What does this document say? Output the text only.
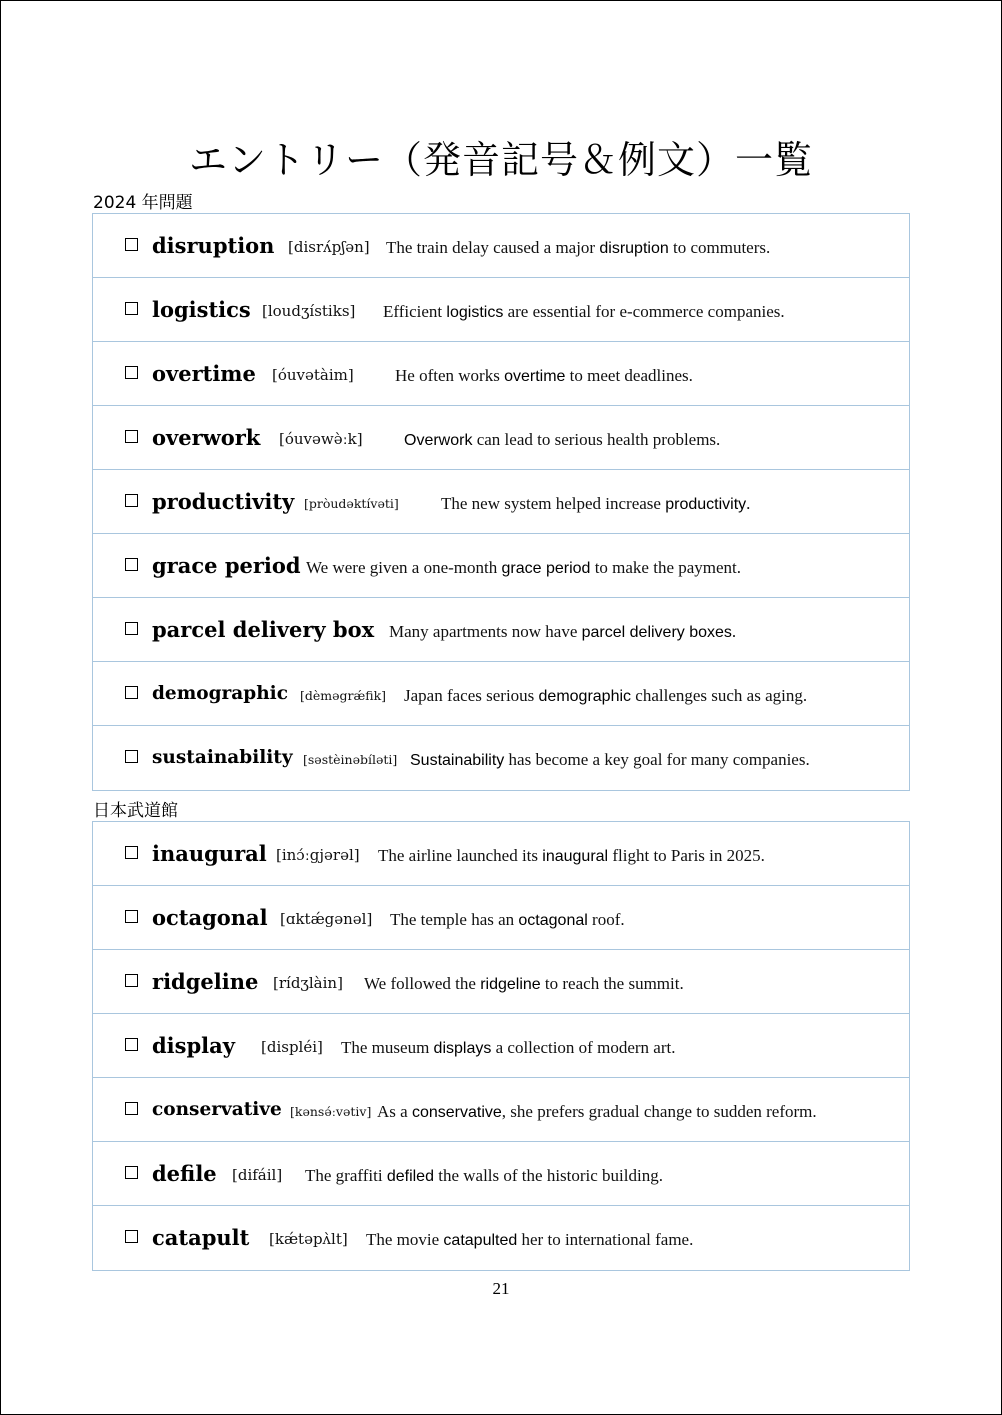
エントリー（発音記号＆例文）一覧
2024 年問題
disruption [disrʌ́pʃən] The train delay caused a major disruption to commuters.
logistics [loudʒístiks] Efficient logistics are essential for e-commerce companies.
overtime [óuvətàim] He often works overtime to meet deadlines.
overwork [óuvəwə̀ːk]	Overwork can lead to serious health problems.
productivity [pròudəktívəti] The new system helped increase productivity.
grace period We were given a one-month grace period to make the payment.
parcel delivery box Many apartments now have parcel delivery boxes.
demographic [dèməgrǽfik] Japan faces serious demographic challenges such as aging.
sustainability [səstèinəbíləti] Sustainability has become a key goal for many companies.
日本武道館
inaugural [inɔ́ːgjərəl] The airline launched its inaugural flight to Paris in 2025.
octagonal [ɑktǽgənəl] The temple has an octagonal roof.
ridgeline [rídʒlàin] We followed the ridgeline to reach the summit.
display [displéi] The museum displays a collection of modern art.
conservative [kənsə́ːvətiv] As a conservative, she prefers gradual change to sudden reform.
defile [difáil] The graffiti defiled the walls of the historic building.
catapult [kǽtəpʌ̀lt] The movie catapulted her to international fame.
21
